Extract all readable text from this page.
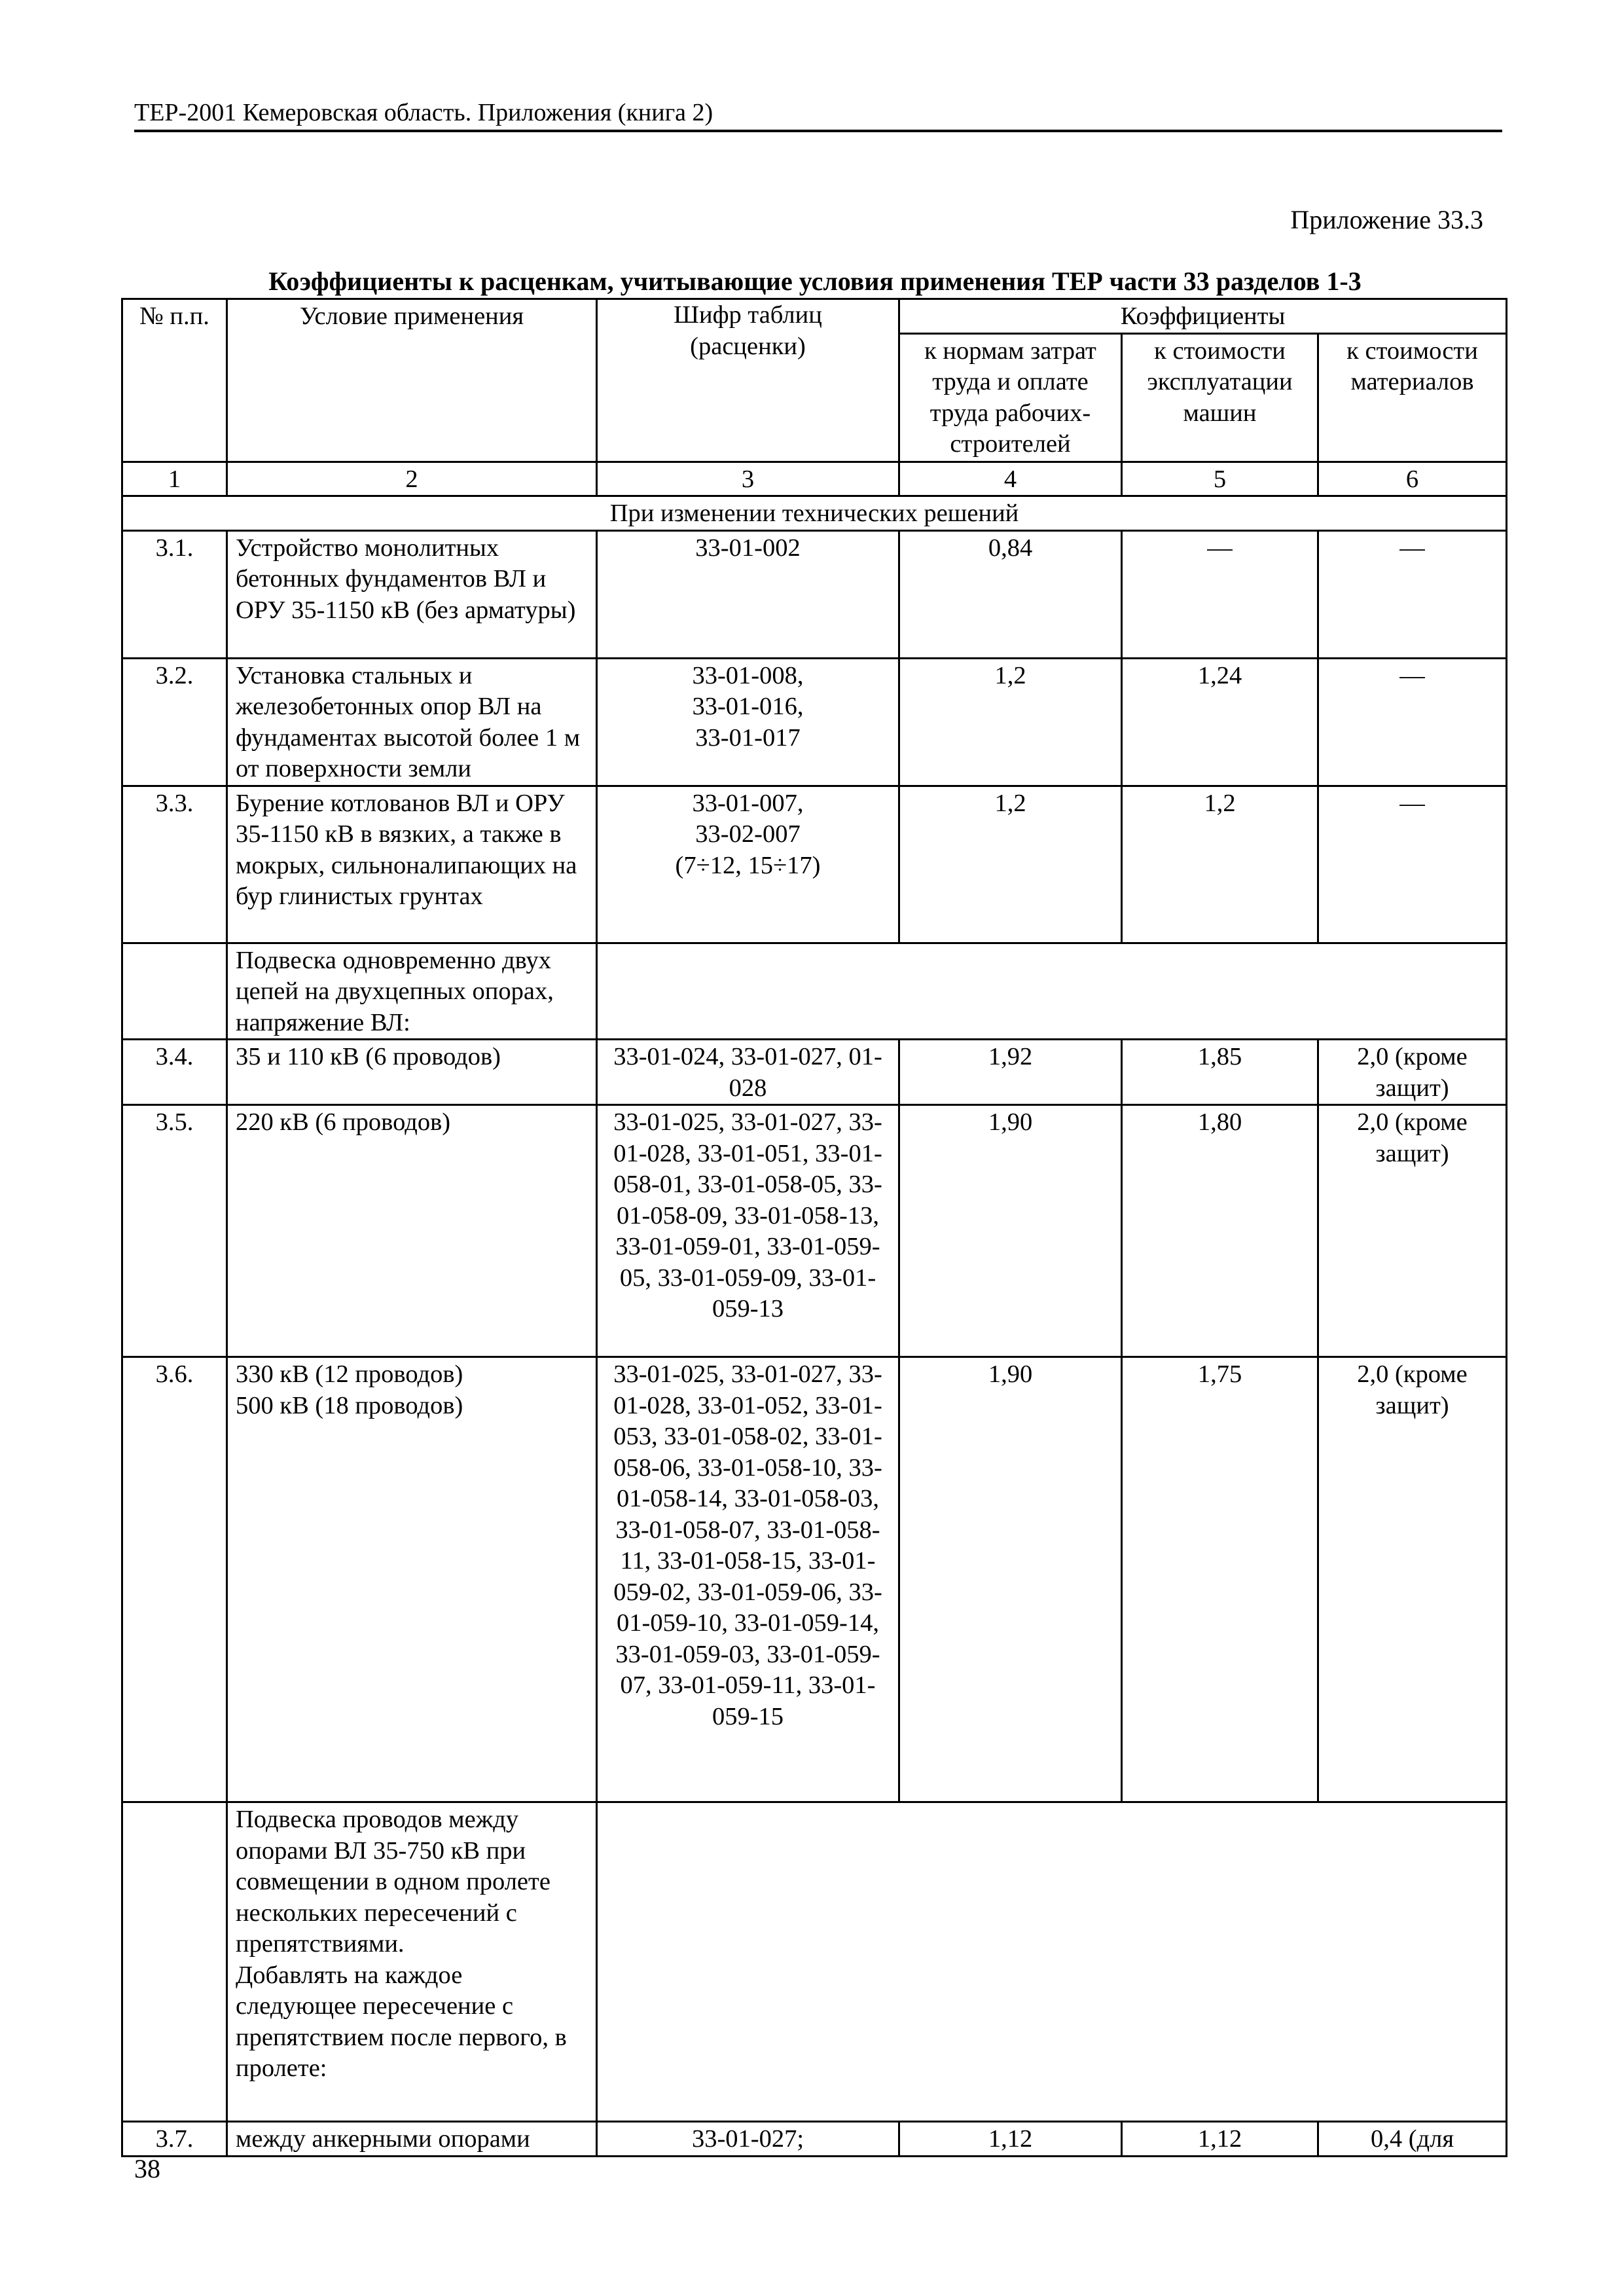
ТЕР-2001 Кемеровская область. Приложения (книга 2)
Приложение 33.3
Коэффициенты к расценкам, учитывающие условия применения ТЕР части 33 разделов 1-3
№ п.п.	Условие применения	Шифр таблиц (расценки)	Коэффициенты		
			к нормам затрат труда и оплате труда рабочих-строителей	к стоимости эксплуатации машин	к стоимости материалов
1	2	3	4	5	6
При изменении технических решений					
3.1.	Устройство монолитных бетонных фундаментов ВЛ и ОРУ 35-1150 кВ (без арматуры)	33-01-002	0,84	—	—
3.2.	Установка стальных и железобетонных опор ВЛ на фундаментах высотой более 1 м от поверхности земли	33-01-008,
33-01-016,
33-01-017	1,2	1,24	—
3.3.	Бурение котлованов ВЛ и ОРУ 35-1150 кВ в вязких, а также в мокрых, сильноналипающих на бур глинистых грунтах	33-01-007,
33-02-007
(7÷12, 15÷17)	1,2	1,2	—
	Подвеска одновременно двух цепей на двухцепных опорах, напряжение ВЛ:				
3.4.	35 и 110 кВ (6 проводов)	33-01-024, 33-01-027, 01-028	1,92	1,85	2,0 (кроме защит)
3.5.	220 кВ (6 проводов)	33-01-025, 33-01-027, 33-01-028, 33-01-051, 33-01-058-01, 33-01-058-05, 33-01-058-09, 33-01-058-13, 33-01-059-01, 33-01-059-05, 33-01-059-09, 33-01-059-13	1,90	1,80	2,0 (кроме защит)
3.6.	330 кВ (12 проводов)
500 кВ (18 проводов)	33-01-025, 33-01-027, 33-01-028, 33-01-052, 33-01-053, 33-01-058-02, 33-01-058-06, 33-01-058-10, 33-01-058-14, 33-01-058-03, 33-01-058-07, 33-01-058-11, 33-01-058-15, 33-01-059-02, 33-01-059-06, 33-01-059-10, 33-01-059-14, 33-01-059-03, 33-01-059-07, 33-01-059-11, 33-01-059-15	1,90	1,75	2,0 (кроме защит)
	Подвеска проводов между опорами ВЛ 35-750 кВ при совмещении в одном пролете нескольких пересечений с препятствиями.
Добавлять на каждое следующее пересечение с препятствием после первого, в пролете:				
3.7.	между анкерными опорами	33-01-027;	1,12	1,12	0,4 (для
38
